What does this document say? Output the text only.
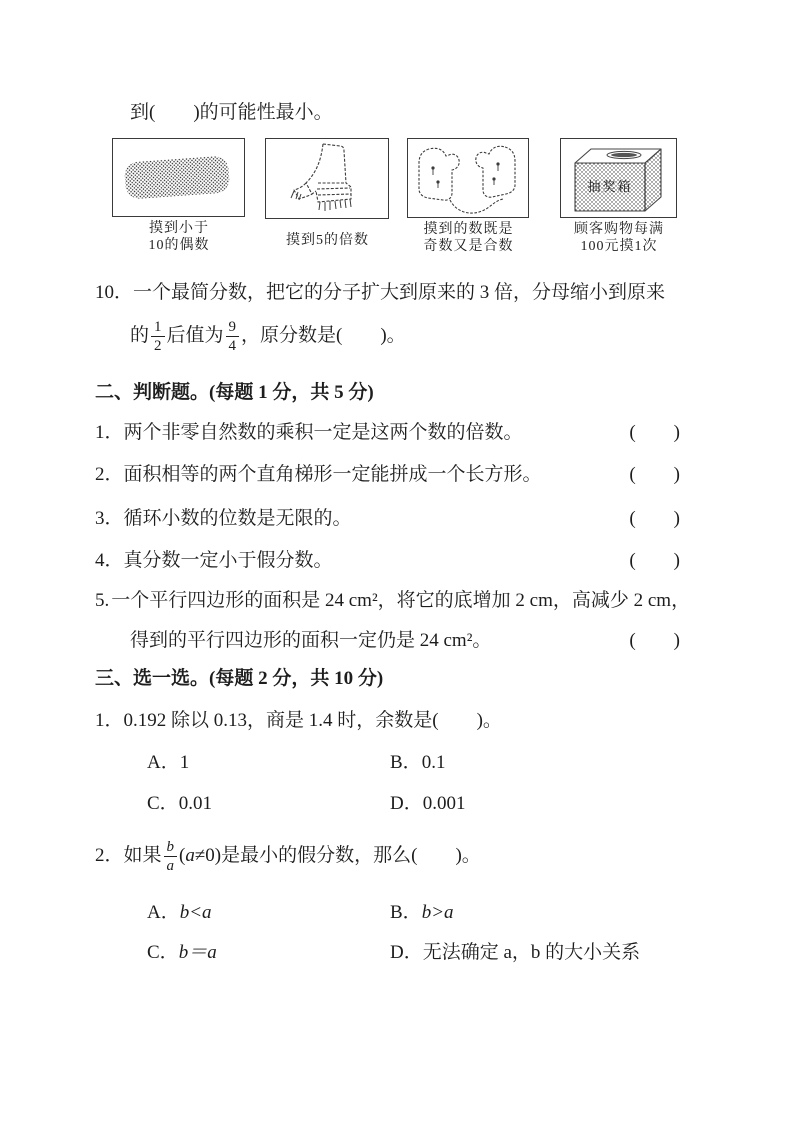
到(　　)的可能性最小。
摸到小于
10的偶数	摸到5的倍数
摸到的数既是
奇数又是合数
抽奖箱
顾客购物每满
100元摸1次
10．一个最简分数，把它的分子扩大到原来的 3 倍，分母缩小到原来
的 $\frac{1}{2}$ 后值为 $\frac{9}{4}$ ，原分数是(　　)。
二、判断题。(每题 1 分，共 5 分)
1． 两个非零自然数的乘积一定是这两个数的倍数。	(　　)
2． 面积相等的两个直角梯形一定能拼成一个长方形。	(　　)
3． 循环小数的位数是无限的。	(　　)
4． 真分数一定小于假分数。	(　　)
5. 一个平行四边形的面积是 24 cm²，将它的底增加 2 cm，高减少 2 cm，
得到的平行四边形的面积一定仍是 24 cm²。	(　　)
三、选一选。(每题 2 分，共 10 分)
1．0.192 除以 0.13，商是 1.4 时，余数是(　　)。
A．1	B．0.1
C．0.01	D．0.001
2． 如果 $\frac{b}{a}$ ( a ≠0)是最小的假分数，那么(　　)。
A．b<a	B．b>a
C．b＝a	D．无法确定 a，b 的大小关系
